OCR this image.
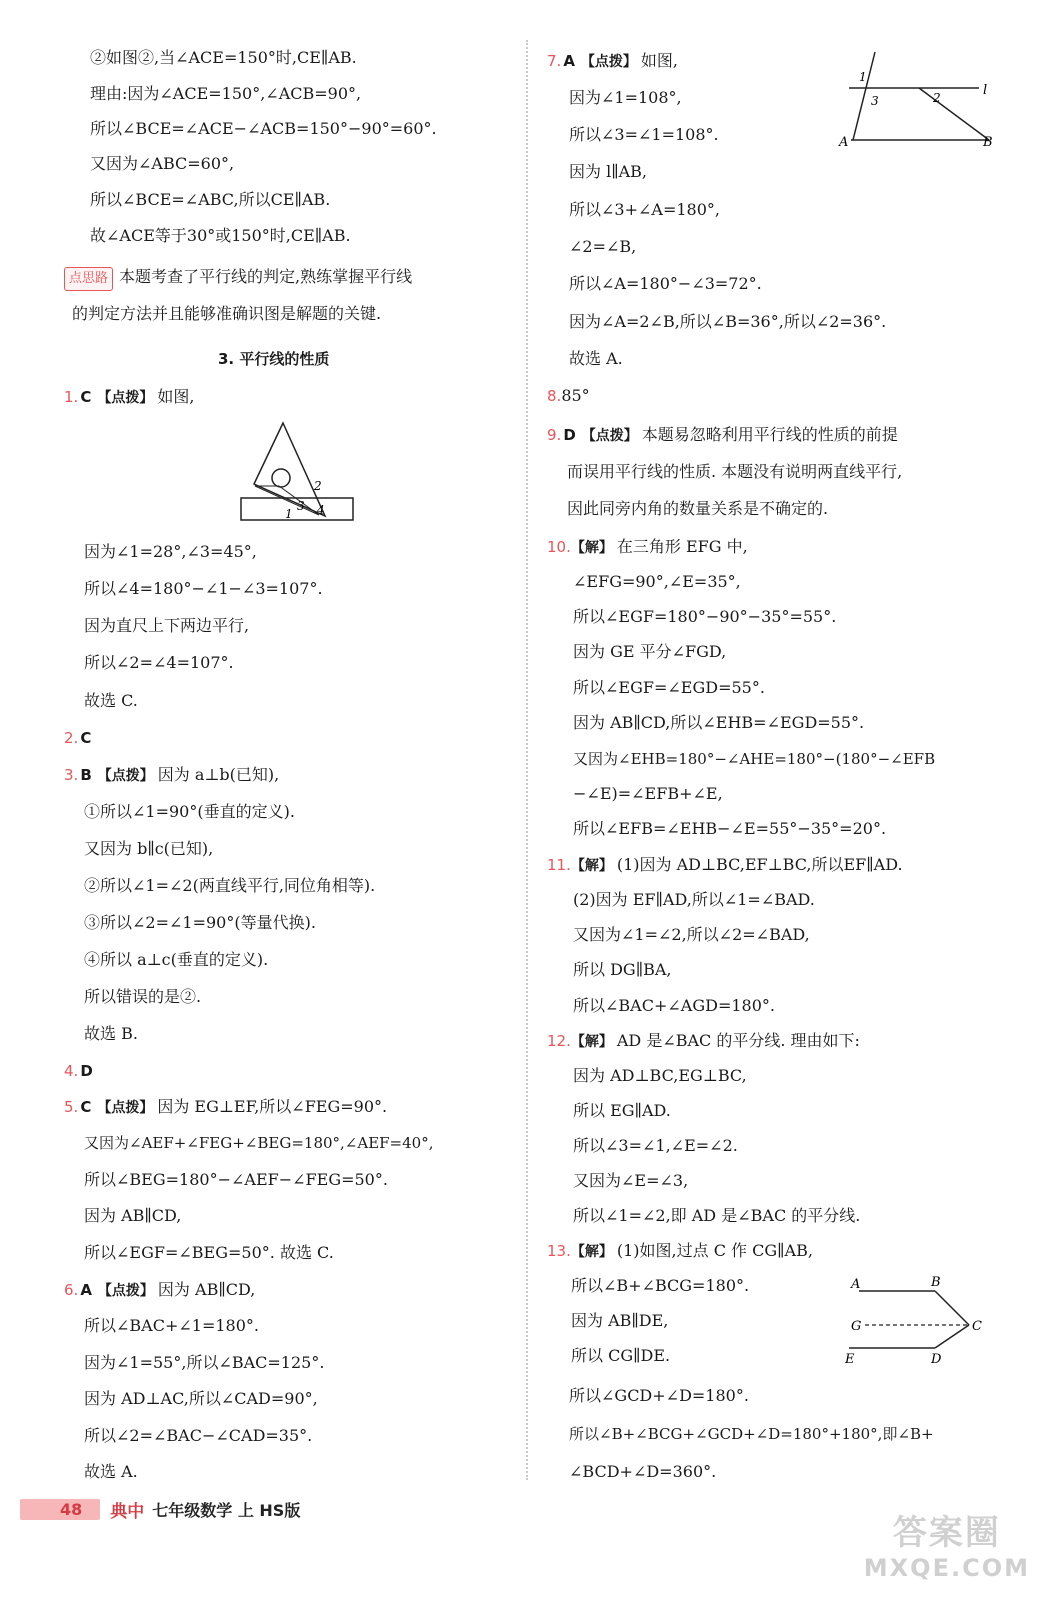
②如图②,当∠ACE=150°时,CE∥AB.
理由:因为∠ACE=150°,∠ACB=90°,
所以∠BCE=∠ACE−∠ACB=150°−90°=60°.
又因为∠ABC=60°,
所以∠BCE=∠ABC,所以CE∥AB.
故∠ACE等于30°或150°时,CE∥AB.
点思路 本题考查了平行线的判定,熟练掌握平行线
的判定方法并且能够准确识图是解题的关键.
3. 平行线的性质
1. C 【点拨】 如图,
2
3 4
1
因为∠1=28°,∠3=45°,
所以∠4=180°−∠1−∠3=107°.
因为直尺上下两边平行,
所以∠2=∠4=107°.
故选 C.
2. C
3. B 【点拨】 因为 a⊥b(已知),
①所以∠1=90°(垂直的定义).
又因为 b∥c(已知),
②所以∠1=∠2(两直线平行,同位角相等).
③所以∠2=∠1=90°(等量代换).
④所以 a⊥c(垂直的定义).
所以错误的是②.
故选 B.
4. D
5. C 【点拨】 因为 EG⊥EF,所以∠FEG=90°.
又因为∠AEF+∠FEG+∠BEG=180°,∠AEF=40°,
所以∠BEG=180°−∠AEF−∠FEG=50°.
因为 AB∥CD,
所以∠EGF=∠BEG=50°. 故选 C.
6. A 【点拨】 因为 AB∥CD,
所以∠BAC+∠1=180°.
因为∠1=55°,所以∠BAC=125°.
因为 AD⊥AC,所以∠CAD=90°,
所以∠2=∠BAC−∠CAD=35°.
故选 A.
7. A 【点拨】 如图,
1
3	2	l
A	B
因为∠1=108°,
所以∠3=∠1=108°.
因为 l∥AB,
所以∠3+∠A=180°,
∠2=∠B,
所以∠A=180°−∠3=72°.
因为∠A=2∠B,所以∠B=36°,所以∠2=36°.
故选 A.
8.85°
9. D 【点拨】 本题易忽略利用平行线的性质的前提
而误用平行线的性质. 本题没有说明两直线平行,
因此同旁内角的数量关系是不确定的.
10.【解】 在三角形 EFG 中,
∠EFG=90°,∠E=35°,
所以∠EGF=180°−90°−35°=55°.
因为 GE 平分∠FGD,
所以∠EGF=∠EGD=55°.
因为 AB∥CD,所以∠EHB=∠EGD=55°.
又因为∠EHB=180°−∠AHE=180°−(180°−∠EFB
−∠E)=∠EFB+∠E,
所以∠EFB=∠EHB−∠E=55°−35°=20°.
11.【解】 (1)因为 AD⊥BC,EF⊥BC,所以EF∥AD.
(2)因为 EF∥AD,所以∠1=∠BAD.
又因为∠1=∠2,所以∠2=∠BAD,
所以 DG∥BA,
所以∠BAC+∠AGD=180°.
12.【解】 AD 是∠BAC 的平分线. 理由如下:
因为 AD⊥BC,EG⊥BC,
所以 EG∥AD.
所以∠3=∠1,∠E=∠2.
又因为∠E=∠3,
所以∠1=∠2,即 AD 是∠BAC 的平分线.
13.【解】 (1)如图,过点 C 作 CG∥AB,
所以∠B+∠BCG=180°.
因为 AB∥DE,
所以 CG∥DE.
A	B
G	C
E	D
所以∠GCD+∠D=180°.
所以∠B+∠BCG+∠GCD+∠D=180°+180°,即∠B+
∠BCD+∠D=360°.
48	典中 七年级数学 上 HS版
答案圈
MXQE.COM
